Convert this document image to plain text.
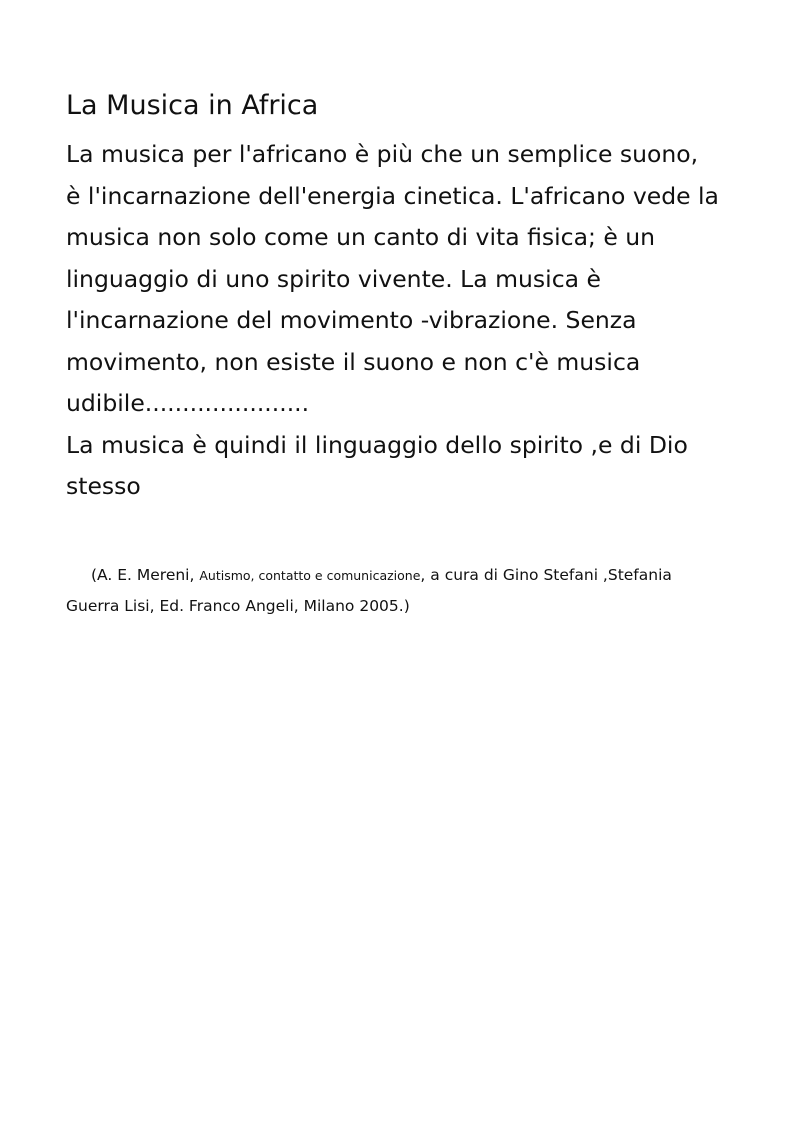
La Musica in Africa
La musica per l'africano è più che un semplice suono,
è l'incarnazione dell'energia cinetica. L'africano vede la
musica non solo come un canto di vita fisica; è un
linguaggio di uno spirito vivente. La musica è
l'incarnazione del movimento -vibrazione. Senza
movimento, non esiste il suono e non c'è musica
udibile......................
La musica è quindi il linguaggio dello spirito ,e di Dio
stesso
(A. E. Mereni, Autismo, contatto e comunicazione, a cura di Gino Stefani ,Stefania
Guerra Lisi, Ed. Franco Angeli, Milano 2005.)
